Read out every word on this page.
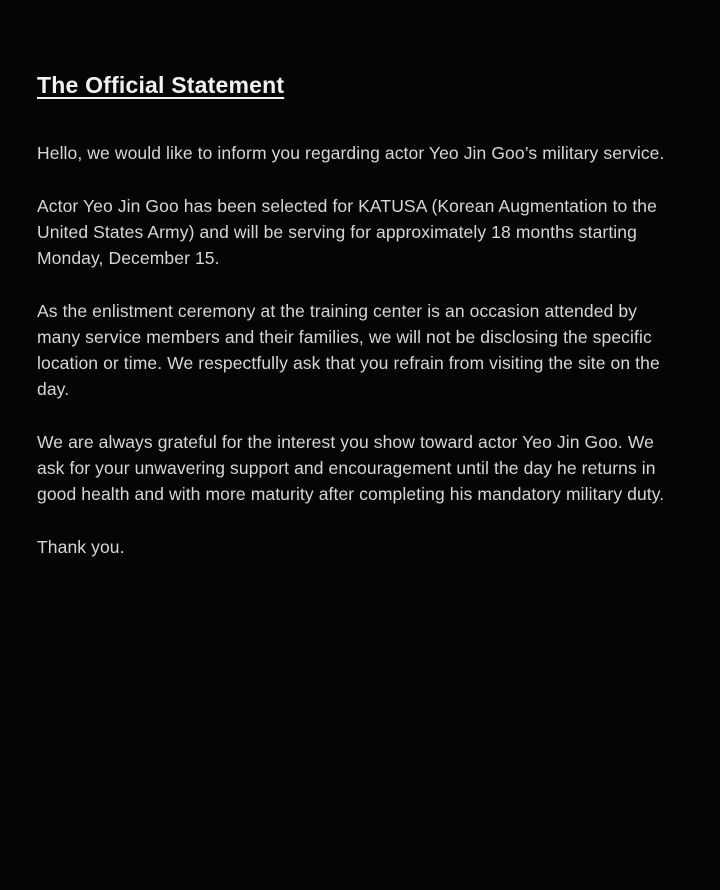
The Official Statement

Hello, we would like to inform you regarding actor Yeo Jin Goo’s military service.

Actor Yeo Jin Goo has been selected for KATUSA (Korean Augmentation to the United States Army) and will be serving for approximately 18 months starting Monday, December 15.

As the enlistment ceremony at the training center is an occasion attended by many service members and their families, we will not be disclosing the specific location or time. We respectfully ask that you refrain from visiting the site on the day.

We are always grateful for the interest you show toward actor Yeo Jin Goo. We ask for your unwavering support and encouragement until the day he returns in good health and with more maturity after completing his mandatory military duty.

Thank you.
